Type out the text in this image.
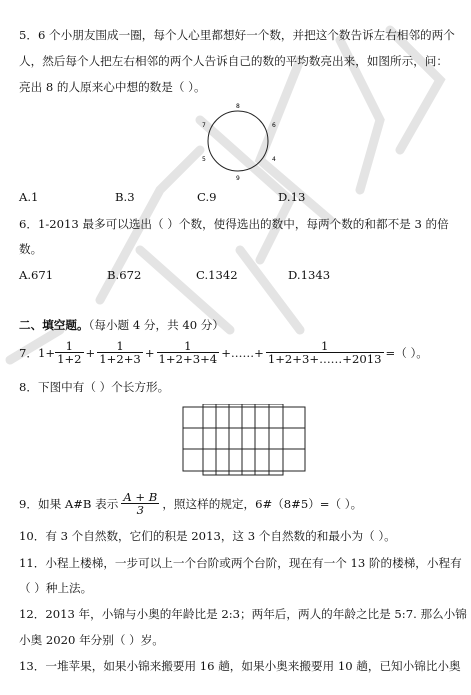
5．6 个小朋友围成一圈，每个人心里都想好一个数，并把这个数告诉左右相邻的两个
人，然后每个人把左右相邻的两个人告诉自己的数的平均数亮出来，如图所示，问：
亮出 8 的人原来心中想的数是（ ）。
8
9
6
7
5	4
A.1	B.3	C.9	D.13
6．1-2013 最多可以选出（ ）个数，使得选出的数中，每两个数的和都不是 3 的倍
数。
A.671	B.672	C.1342	D.1343
二、填空题。（每小题 4 分，共 40 分）
7．$1+ \frac{1}{1+2} + \frac{1}{1+2+3} + \frac{1}{1+2+3+4}$ +……+ $\frac{1}{1+2+3+\dots\dots+2013}$ =（ ）。
8．下图中有（ ）个长方形。
9．如果 A#B 表示 $\frac{A + B}{3}$ ，照这样的规定，6#（8#5）=（ ）。
10．有 3 个自然数，它们的积是 2013，这 3 个自然数的和最小为（ ）。
11．小程上楼梯，一步可以上一个台阶或两个台阶，现在有一个 13 阶的楼梯，小程有
（ ）种上法。
12．2013 年，小锦与小奥的年龄比是 2:3；两年后，两人的年龄之比是 5:7. 那么小锦
小奥 2020 年分别（ ）岁。
13．一堆苹果，如果小锦来搬要用 16 趟，如果小奥来搬要用 10 趟，已知小锦比小奥
